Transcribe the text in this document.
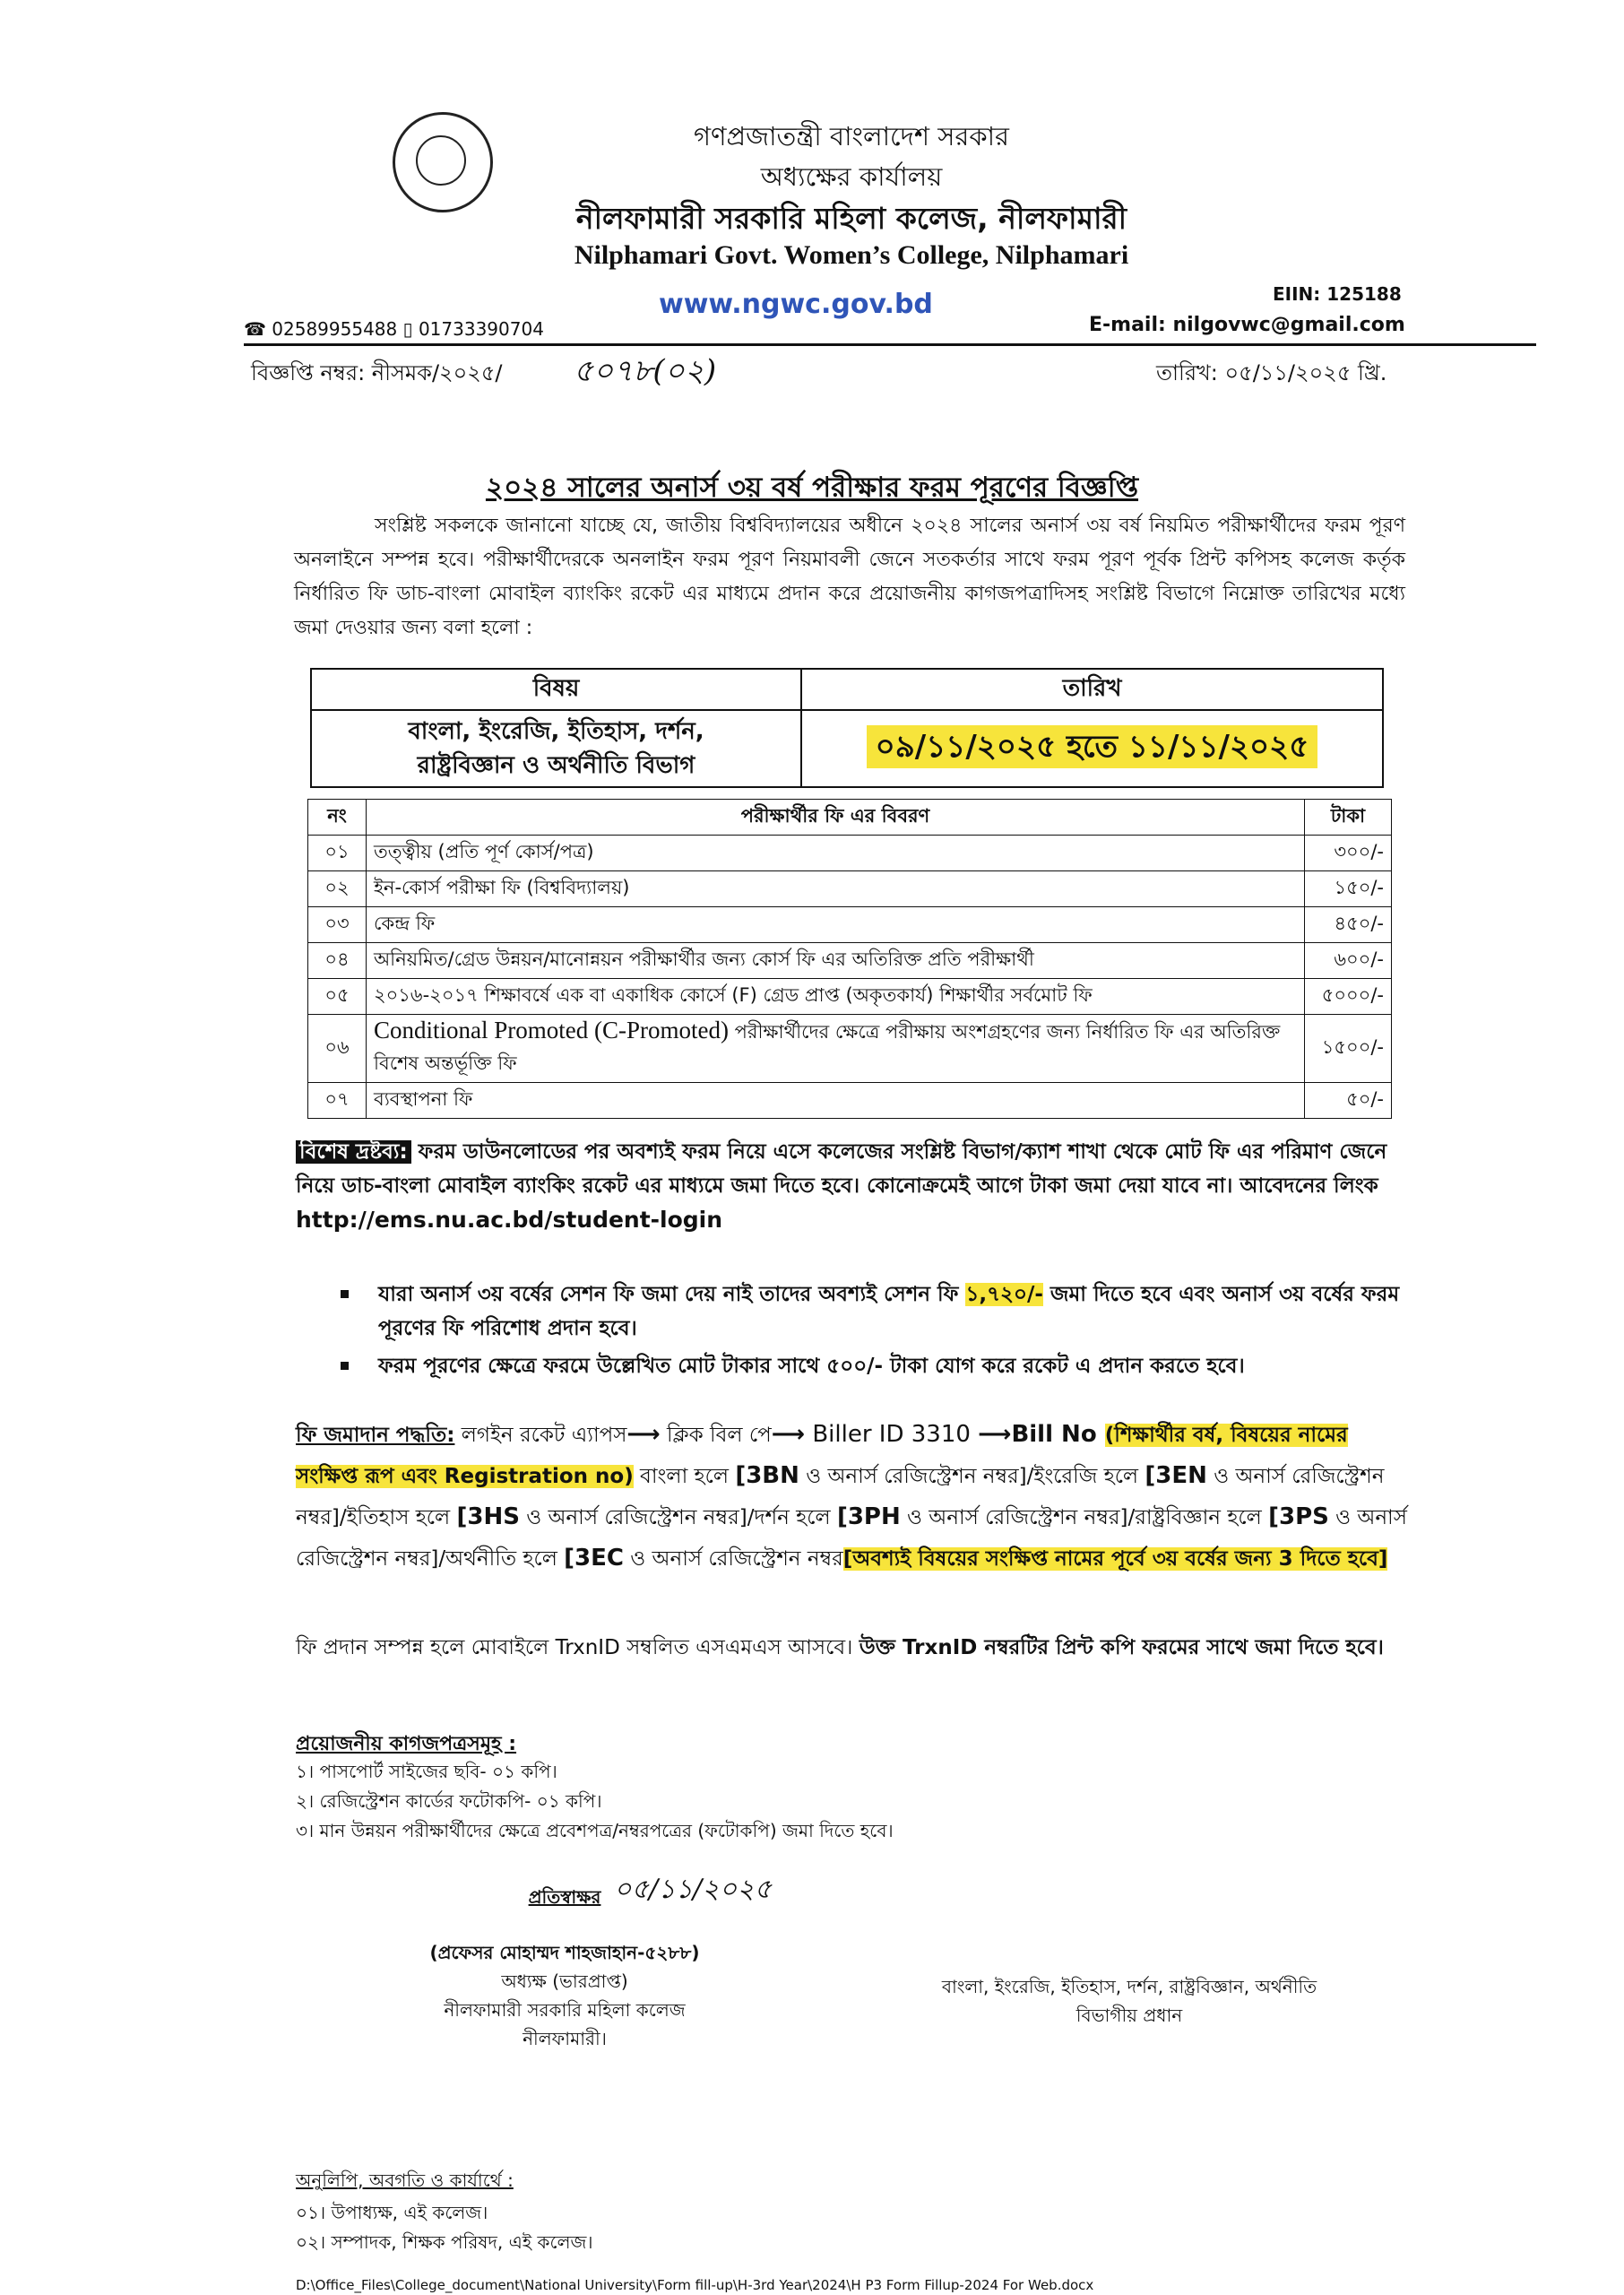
গণপ্রজাতন্ত্রী বাংলাদেশ সরকার
অধ্যক্ষের কার্যালয়
নীলফামারী সরকারি মহিলা কলেজ, নীলফামারী
Nilphamari Govt. Women’s College, Nilphamari
☎ 02589955488 ▯ 01733390704
www.ngwc.gov.bd	EIIN: 125188
E-mail: nilgovwc@gmail.com
বিজ্ঞপ্তি নম্বর: নীসমক/২০২৫/ ৫০৭৮(০২)	তারিখ: ০৫/১১/২০২৫ খ্রি.
২০২৪ সালের অনার্স ৩য় বর্ষ পরীক্ষার ফরম পূরণের বিজ্ঞপ্তি
সংশ্লিষ্ট সকলকে জানানো যাচ্ছে যে, জাতীয় বিশ্ববিদ্যালয়ের অধীনে ২০২৪ সালের অনার্স ৩য় বর্ষ নিয়মিত পরীক্ষার্থীদের ফরম পূরণ অনলাইনে সম্পন্ন হবে। পরীক্ষার্থীদেরকে অনলাইন ফরম পূরণ নিয়মাবলী জেনে সতকর্তার সাথে ফরম পূরণ পূর্বক প্রিন্ট কপিসহ কলেজ কর্তৃক নির্ধারিত ফি ডাচ-বাংলা মোবাইল ব্যাংকিং রকেট এর মাধ্যমে প্রদান করে প্রয়োজনীয় কাগজপত্রাদিসহ সংশ্লিষ্ট বিভাগে নিম্নোক্ত তারিখের মধ্যে জমা দেওয়ার জন্য বলা হলো :
বিষয়	তারিখ

বাংলা, ইংরেজি, ইতিহাস, দর্শন,
রাষ্ট্রবিজ্ঞান ও অর্থনীতি বিভাগ	০৯/১১/২০২৫ হতে ১১/১১/২০২৫
নং	পরীক্ষার্থীর ফি এর বিবরণ	টাকা
০১	তত্ত্বীয় (প্রতি পূর্ণ কোর্স/পত্র)	৩০০/-
০২	ইন-কোর্স পরীক্ষা ফি (বিশ্ববিদ্যালয়)	১৫০/-
০৩	কেন্দ্র ফি	৪৫০/-
০৪	অনিয়মিত/গ্রেড উন্নয়ন/মানোন্নয়ন পরীক্ষার্থীর জন্য কোর্স ফি এর অতিরিক্ত প্রতি পরীক্ষার্থী	৬০০/-
০৫	২০১৬-২০১৭ শিক্ষাবর্ষে এক বা একাধিক কোর্সে (F) গ্রেড প্রাপ্ত (অকৃতকার্য) শিক্ষার্থীর সর্বমোট ফি	৫০০০/-
০৬	Conditional Promoted (C-Promoted) পরীক্ষার্থীদের ক্ষেত্রে পরীক্ষায় অংশগ্রহণের জন্য নির্ধারিত ফি এর অতিরিক্ত বিশেষ অন্তর্ভূক্তি ফি	১৫০০/-
০৭	ব্যবস্থাপনা ফি	৫০/-
বিশেষ দ্রষ্টব্য: ফরম ডাউনলোডের পর অবশ্যই ফরম নিয়ে এসে কলেজের সংশ্লিষ্ট বিভাগ/ক্যাশ শাখা থেকে মোট ফি এর পরিমাণ জেনে নিয়ে ডাচ-বাংলা মোবাইল ব্যাংকিং রকেট এর মাধ্যমে জমা দিতে হবে। কোনোক্রমেই আগে টাকা জমা দেয়া যাবে না। আবেদনের লিংক
http://ems.nu.ac.bd/student-login
যারা অনার্স ৩য় বর্ষের সেশন ফি জমা দেয় নাই তাদের অবশ্যই সেশন ফি ১,৭২০/- জমা দিতে হবে এবং অনার্স ৩য় বর্ষের ফরম পূরণের ফি পরিশোধ প্রদান হবে।
ফরম পূরণের ক্ষেত্রে ফরমে উল্লেখিত মোট টাকার সাথে ৫০০/- টাকা যোগ করে রকেট এ প্রদান করতে হবে।
ফি জমাদান পদ্ধতি: লগইন রকেট এ্যাপস⟶ ক্লিক বিল পে⟶ Biller ID 3310 ⟶Bill No (শিক্ষার্থীর বর্ষ, বিষয়ের নামের সংক্ষিপ্ত রূপ এবং Registration no) বাংলা হলে [3BN ও অনার্স রেজিস্ট্রেশন নম্বর]/ইংরেজি হলে [3EN ও অনার্স রেজিস্ট্রেশন নম্বর]/ইতিহাস হলে [3HS ও অনার্স রেজিস্ট্রেশন নম্বর]/দর্শন হলে [3PH ও অনার্স রেজিস্ট্রেশন নম্বর]/রাষ্ট্রবিজ্ঞান হলে [3PS ও অনার্স রেজিস্ট্রেশন নম্বর]/অর্থনীতি হলে [3EC ও অনার্স রেজিস্ট্রেশন নম্বর[অবশ্যই বিষয়ের সংক্ষিপ্ত নামের পূর্বে ৩য় বর্ষের জন্য 3 দিতে হবে]
ফি প্রদান সম্পন্ন হলে মোবাইলে TrxnID সম্বলিত এসএমএস আসবে। উক্ত TrxnID নম্বরটির প্রিন্ট কপি ফরমের সাথে জমা দিতে হবে।
প্রয়োজনীয় কাগজপত্রসমূহ :
১। পাসপোর্ট সাইজের ছবি- ০১ কপি।
২। রেজিস্ট্রেশন কার্ডের ফটোকপি- ০১ কপি।
৩। মান উন্নয়ন পরীক্ষার্থীদের ক্ষেত্রে প্রবেশপত্র/নম্বরপত্রের (ফটোকপি) জমা দিতে হবে।
প্রতিস্বাক্ষর ০৫/১১/২০২৫
(প্রফেসর মোহাম্মদ শাহজাহান-৫২৮৮)
অধ্যক্ষ (ভারপ্রাপ্ত)
নীলফামারী সরকারি মহিলা কলেজ
নীলফামারী।
বাংলা, ইংরেজি, ইতিহাস, দর্শন, রাষ্ট্রবিজ্ঞান, অর্থনীতি
বিভাগীয় প্রধান
অনুলিপি, অবগতি ও কার্যার্থে :
০১। উপাধ্যক্ষ, এই কলেজ।
০২। সম্পাদক, শিক্ষক পরিষদ, এই কলেজ।
D:\Office_Files\College_document\National University\Form fill-up\H-3rd Year\2024\H P3 Form Fillup-2024 For Web.docx
